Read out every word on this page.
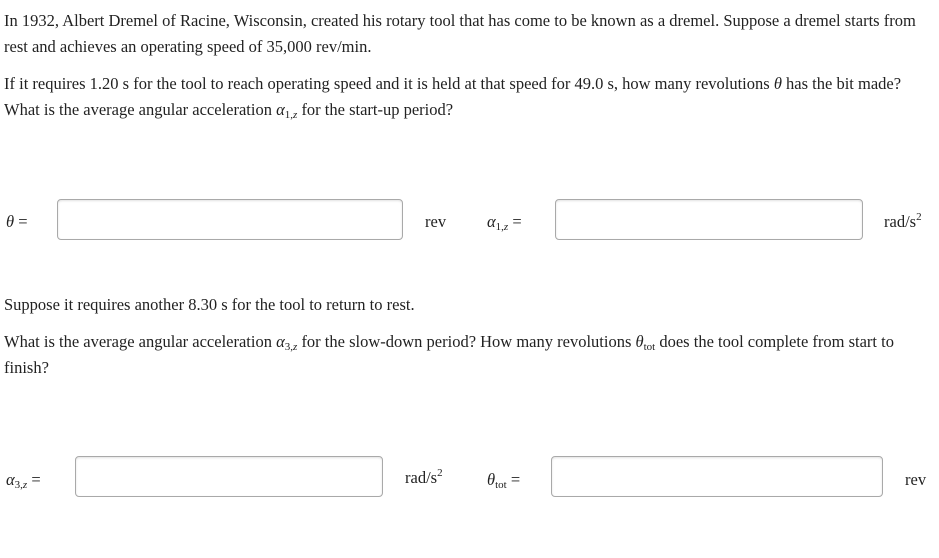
In 1932, Albert Dremel of Racine, Wisconsin, created his rotary tool that has come to be known as a dremel. Suppose a dremel starts from rest and achieves an operating speed of 35,000 rev/min.

If it requires 1.20 s for the tool to reach operating speed and it is held at that speed for 49.0 s, how many revolutions θ has the bit made? What is the average angular acceleration $\alpha_{1,z}$ for the start-up period?

θ =	rev $\alpha_{1,z}$ =	rad/$s^2$

Suppose it requires another 8.30 s for the tool to return to rest.

What is the average angular acceleration $\alpha_{3,z}$ for the slow-down period? How many revolutions $\theta_{tot}$ does the tool complete from start to finish?

$\alpha_{3,z}$ =	rad/$s^2$	$\theta_{tot}$ =	rev
